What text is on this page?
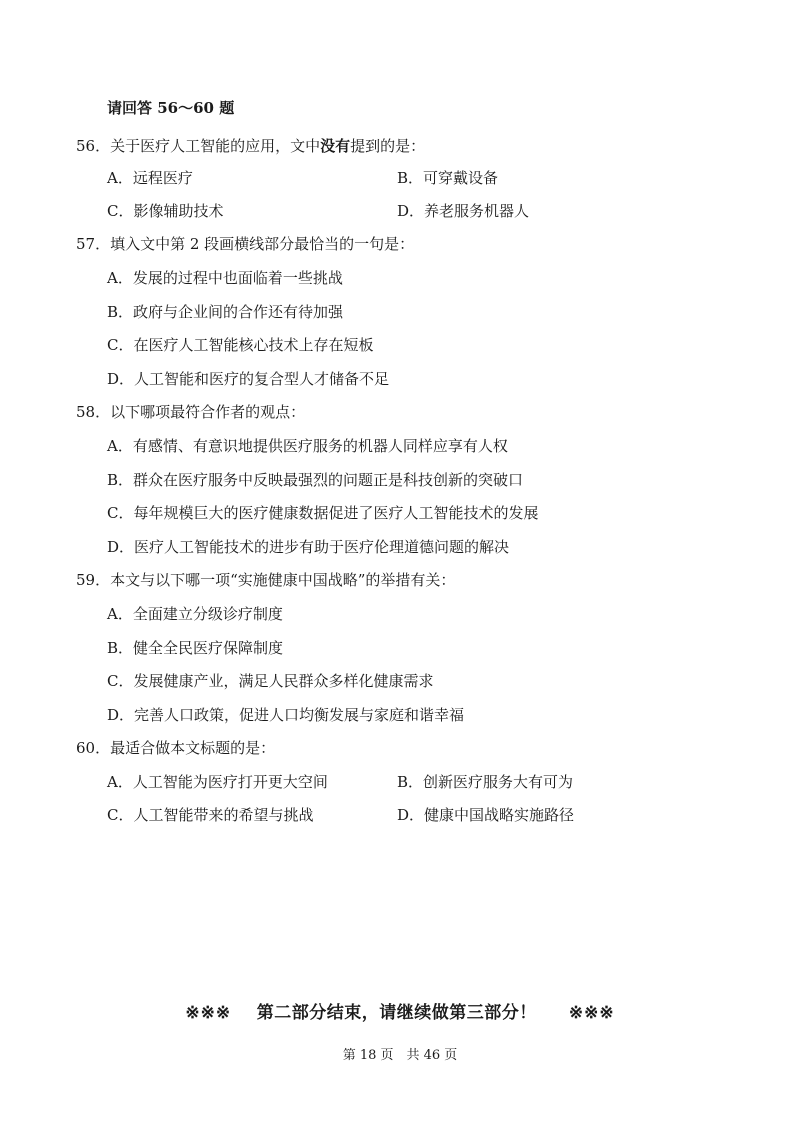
请回答 56～60 题
56．关于医疗人工智能的应用，文中没有提到的是：
A．远程医疗	B．可穿戴设备
C．影像辅助技术	D．养老服务机器人
57．填入文中第 2 段画横线部分最恰当的一句是：
A．发展的过程中也面临着一些挑战
B．政府与企业间的合作还有待加强
C．在医疗人工智能核心技术上存在短板
D．人工智能和医疗的复合型人才储备不足
58．以下哪项最符合作者的观点：
A．有感情、有意识地提供医疗服务的机器人同样应享有人权
B．群众在医疗服务中反映最强烈的问题正是科技创新的突破口
C．每年规模巨大的医疗健康数据促进了医疗人工智能技术的发展
D．医疗人工智能技术的进步有助于医疗伦理道德问题的解决
59．本文与以下哪一项“实施健康中国战略”的举措有关：
A．全面建立分级诊疗制度
B．健全全民医疗保障制度
C．发展健康产业，满足人民群众多样化健康需求
D．完善人口政策，促进人口均衡发展与家庭和谐幸福
60．最适合做本文标题的是：
A．人工智能为医疗打开更大空间	B．创新医疗服务大有可为
C．人工智能带来的希望与挑战	D．健康中国战略实施路径
※※※ 第二部分结束，请继续做第三部分！ ※※※
第 18 页　共 46 页
